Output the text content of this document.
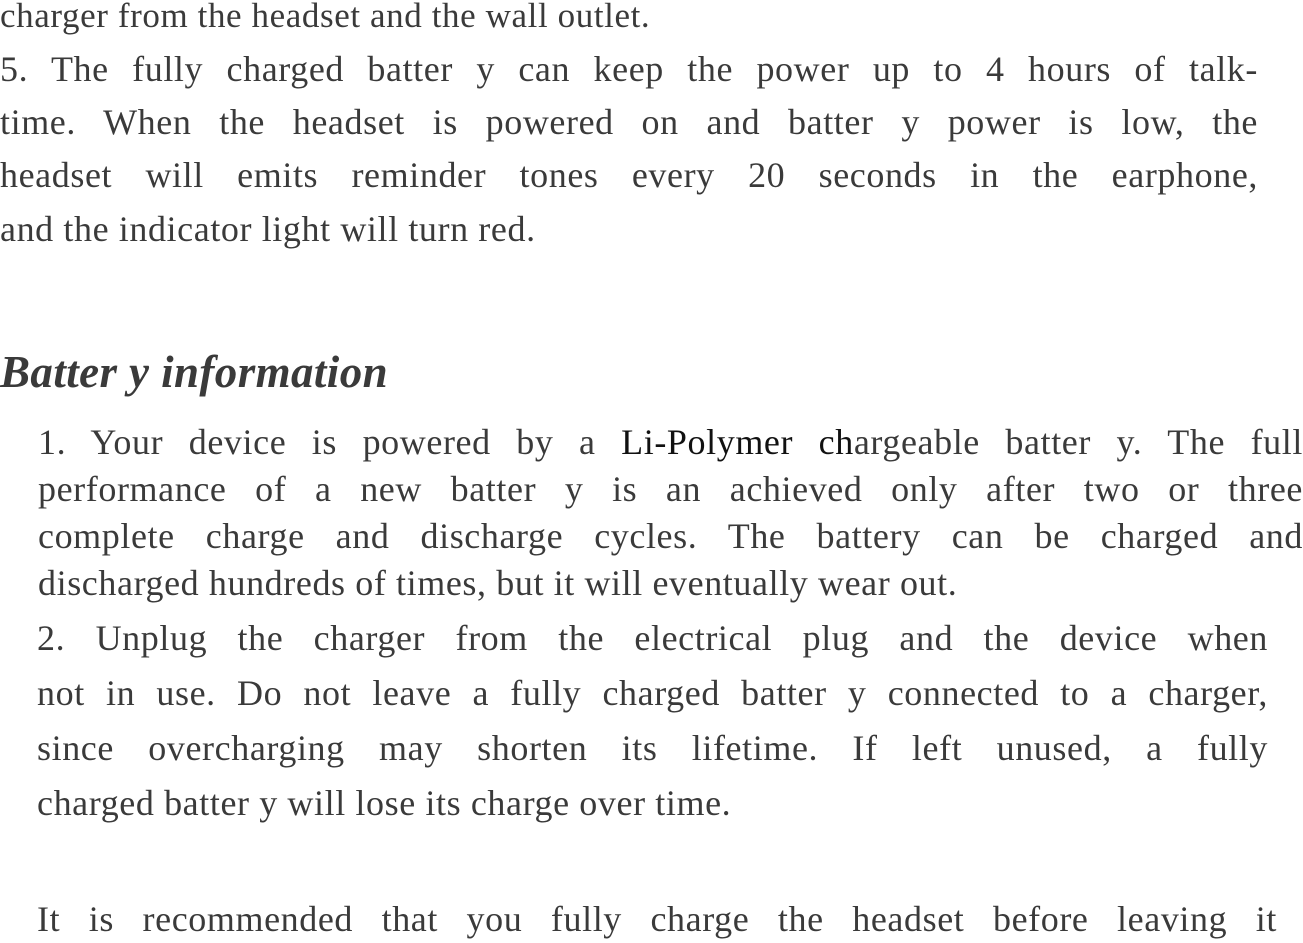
charger from the headset and the wall outlet.
5. The fully charged batter y can keep the power up to 4 hours of talk-
time. When the headset is powered on and batter y power is low, the
headset will emits reminder tones every 20 seconds in the earphone,
and the indicator light will turn red.
Batter y information
1. Your device is powered by a Li-Polymer chargeable batter y. The full
performance of a new batter y is an achieved only after two or three
complete charge and discharge cycles. The battery can be charged and
discharged hundreds of times, but it will eventually wear out.
2. Unplug the charger from the electrical plug and the device when
not in use. Do not leave a fully charged batter y connected to a charger,
since overcharging may shorten its lifetime. If left unused, a fully
charged batter y will lose its charge over time.
It is recommended that you fully charge the headset before leaving it
